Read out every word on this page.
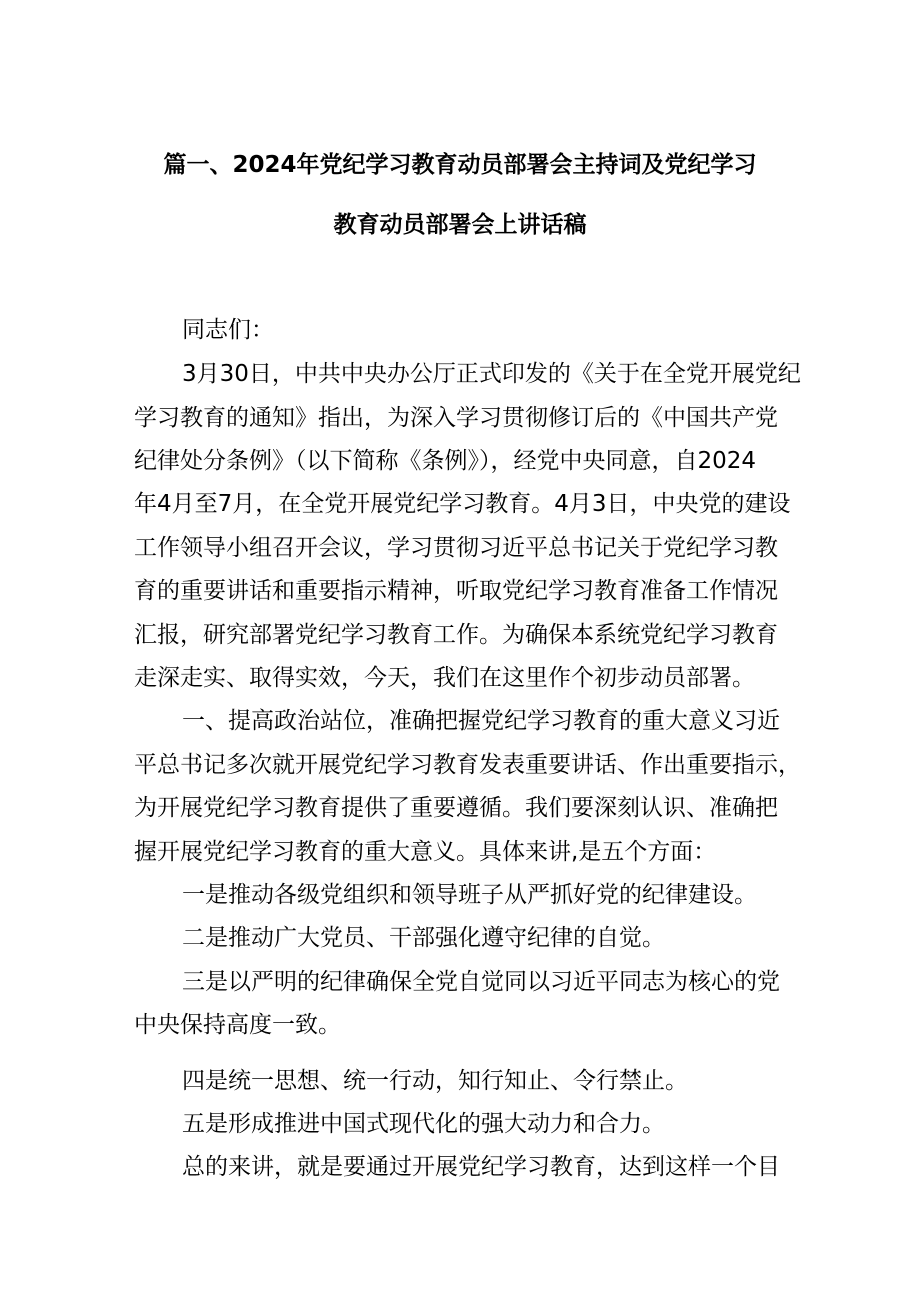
篇一、2024年党纪学习教育动员部署会主持词及党纪学习
教育动员部署会上讲话稿
同志们：
3月30日，中共中央办公厅正式印发的《关于在全党开展党纪
学习教育的通知》指出，为深入学习贯彻修订后的《中国共产党
纪律处分条例》（以下简称《条例》），经党中央同意，自2024
年4月至7月，在全党开展党纪学习教育。4月3日，中央党的建设
工作领导小组召开会议，学习贯彻习近平总书记关于党纪学习教
育的重要讲话和重要指示精神，听取党纪学习教育准备工作情况
汇报，研究部署党纪学习教育工作。为确保本系统党纪学习教育
走深走实、取得实效，今天，我们在这里作个初步动员部署。
一、提高政治站位，准确把握党纪学习教育的重大意义习近
平总书记多次就开展党纪学习教育发表重要讲话、作出重要指示，
为开展党纪学习教育提供了重要遵循。我们要深刻认识、准确把
握开展党纪学习教育的重大意义。具体来讲,是五个方面：
一是推动各级党组织和领导班子从严抓好党的纪律建设。
二是推动广大党员、干部强化遵守纪律的自觉。
三是以严明的纪律确保全党自觉同以习近平同志为核心的党
中央保持高度一致。
四是统一思想、统一行动，知行知止、令行禁止。
五是形成推进中国式现代化的强大动力和合力。
总的来讲，就是要通过开展党纪学习教育，达到这样一个目
